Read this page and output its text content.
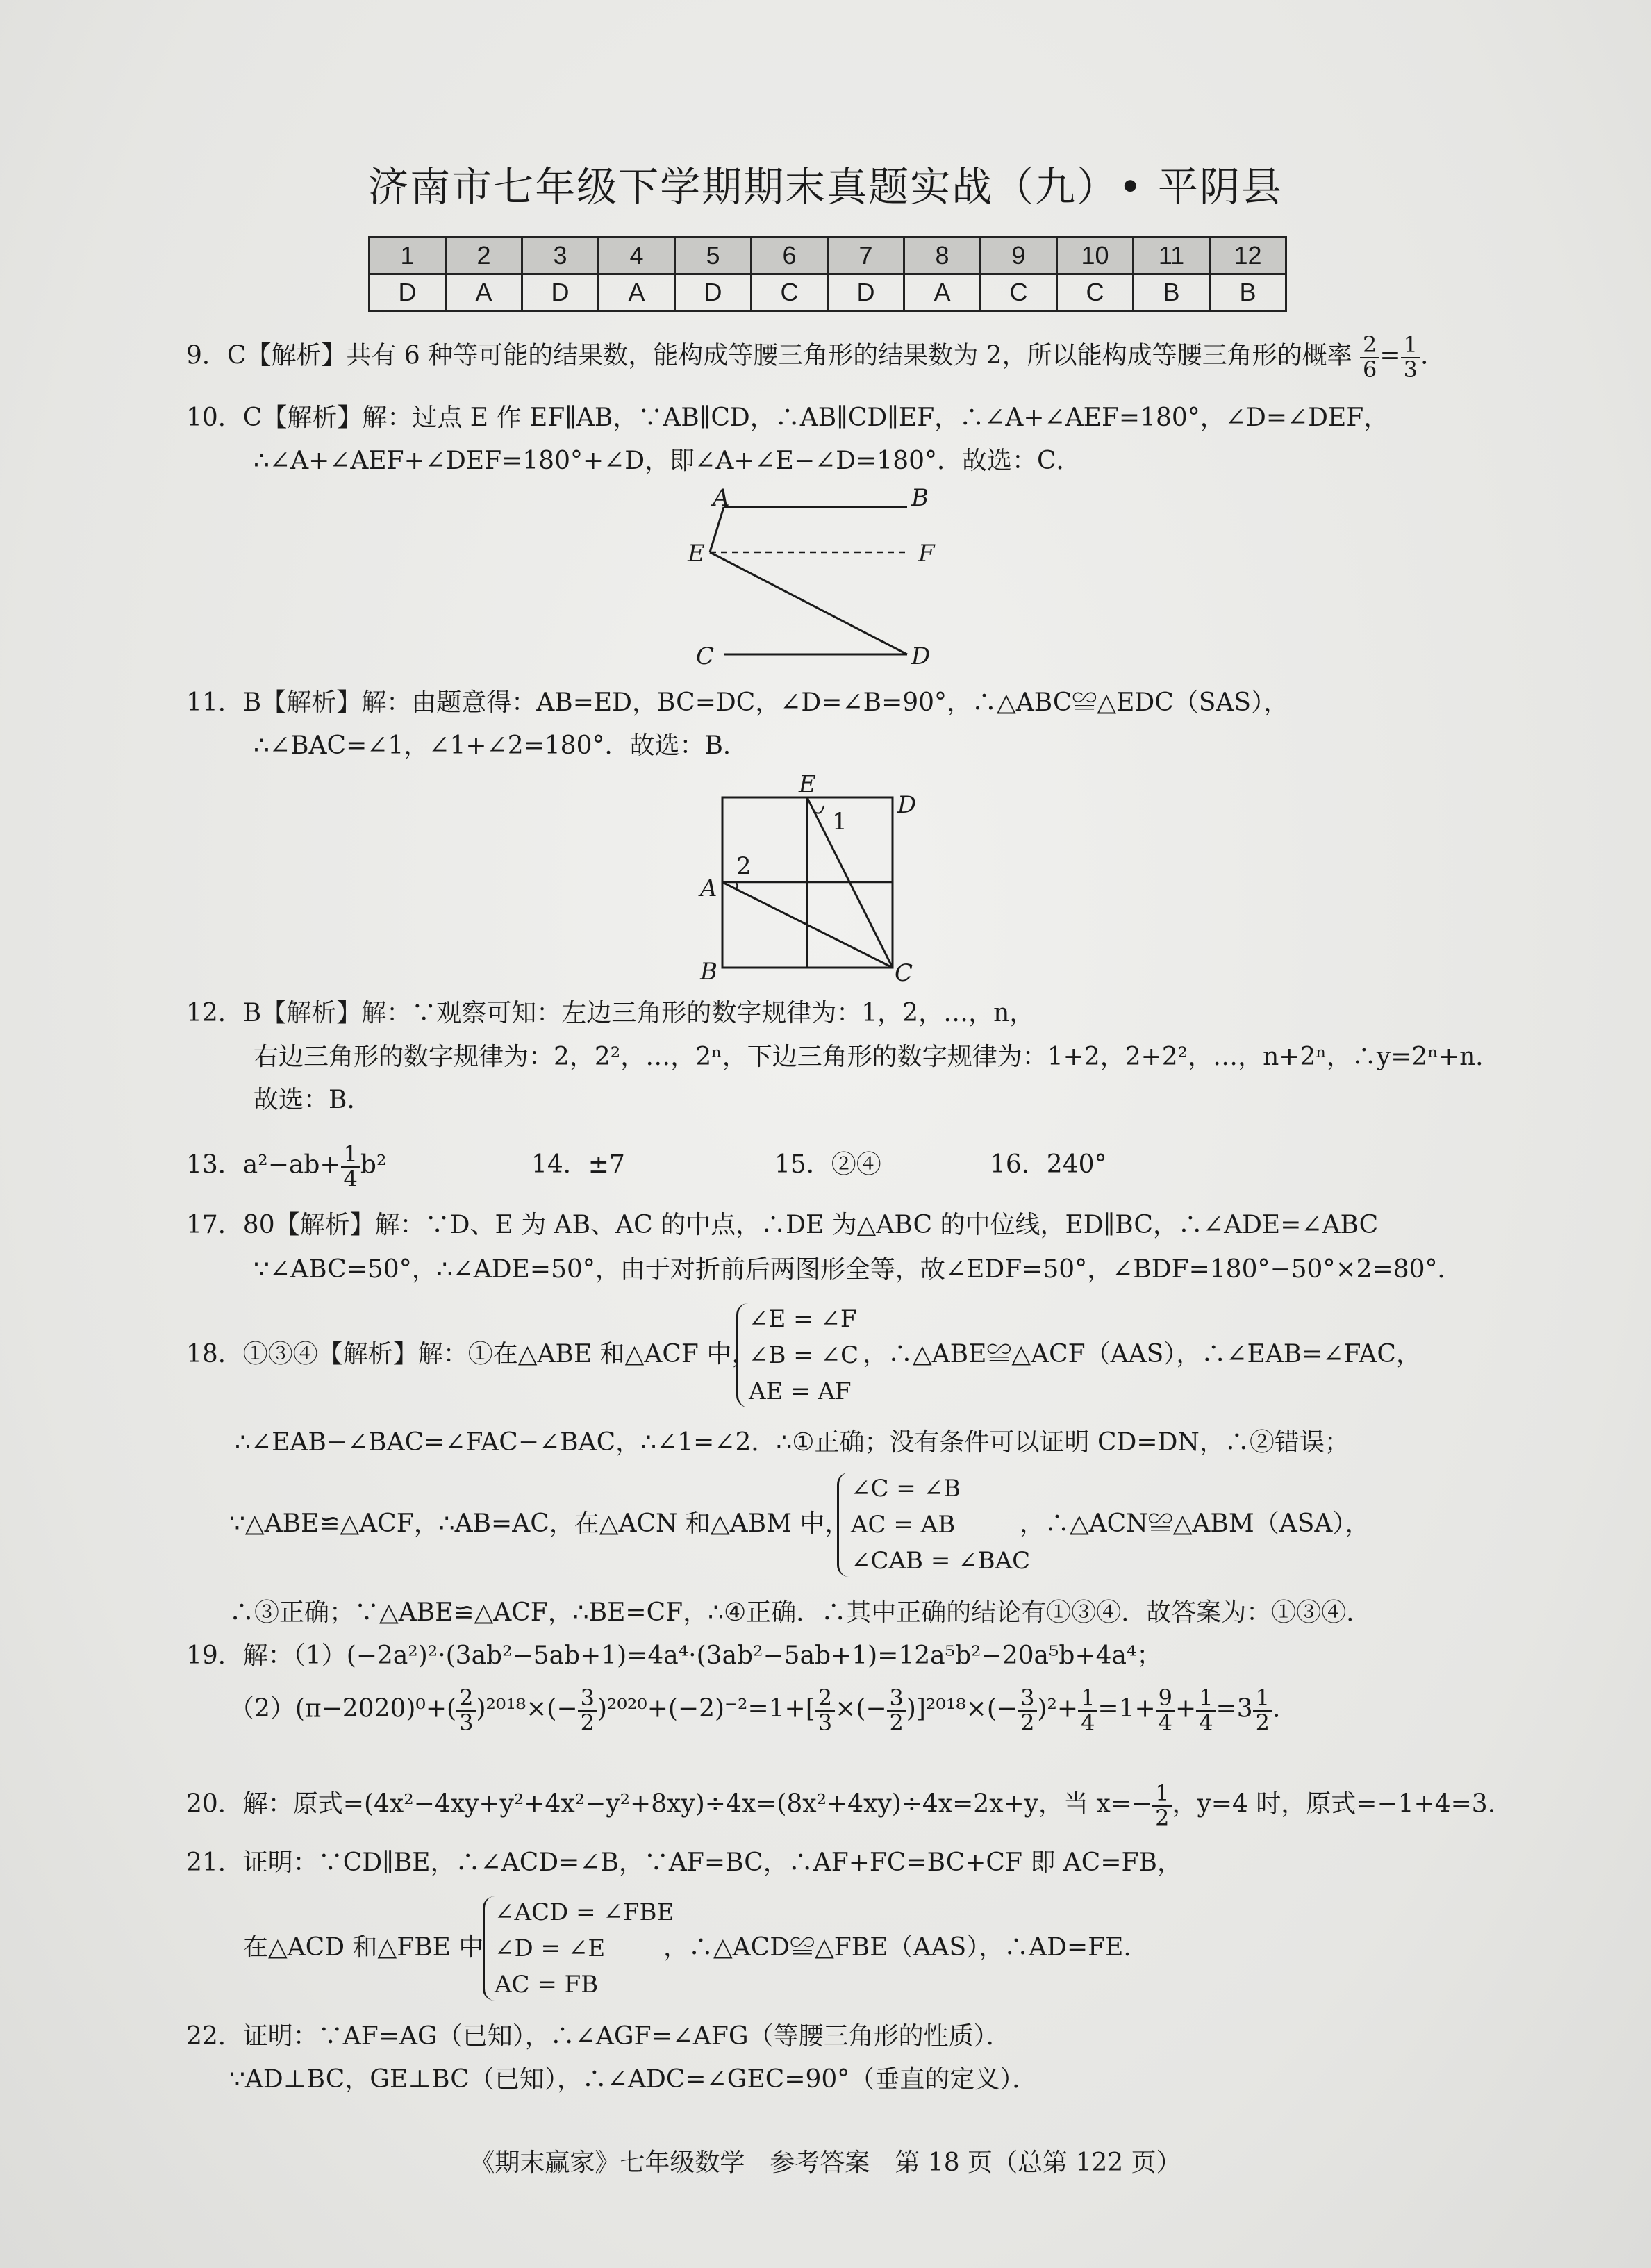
济南市七年级下学期期末真题实战（九）• 平阴县
1	2	3	4	5	6	7	8	9	10	11	12
D	A	D	A	D	C	D	A	C	C	B	B
9．C【解析】共有 6 种等可能的结果数，能构成等腰三角形的结果数为 2，所以能构成等腰三角形的概率 $\frac{2}{6} = \frac{1}{3}$ .
10．C【解析】解：过点 E 作 EF∥AB，∵AB∥CD，∴AB∥CD∥EF，∴∠A+∠AEF=180°，∠D=∠DEF，
∴∠A+∠AEF+∠DEF=180°+∠D，即∠A+∠E−∠D=180°．故选：C．
A	B
E	F
C	D
11．B【解析】解：由题意得：AB=ED，BC=DC，∠D=∠B=90°，∴△ABC≌△EDC（SAS），
∴∠BAC=∠1，∠1+∠2=180°．故选：B．
E
D
A
B	C
1
2
12．B【解析】解：∵观察可知：左边三角形的数字规律为：1，2，…，n，
右边三角形的数字规律为：2，2²，…，2ⁿ，下边三角形的数字规律为：1+2，2+2²，…，n+2ⁿ，∴y=2ⁿ+n．
故选：B．
13．$a^2-ab+ \frac{1}{4} b^2$	14．±7	15．②④	16．240°
17．80【解析】解：∵D、E 为 AB、AC 的中点，∴DE 为△ABC 的中位线，ED∥BC，∴∠ADE=∠ABC
∵∠ABC=50°，∴∠ADE=50°，由于对折前后两图形全等，故∠EDF=50°，∠BDF=180°−50°×2=80°．
18．①③④【解析】解：①在△ABE 和△ACF 中，
∠E = ∠F
∠B = ∠C
AE = AF
，∴△ABE≌△ACF（AAS），∴∠EAB=∠FAC，
∴∠EAB−∠BAC=∠FAC−∠BAC，∴∠1=∠2．∴①正确；没有条件可以证明 CD=DN，∴②错误；
∵△ABE≌△ACF，∴AB=AC，在△ACN 和△ABM 中，
∠C = ∠B
AC = AB
∠CAB = ∠BAC
，∴△ACN≌△ABM（ASA），
∴③正确；∵△ABE≌△ACF，∴BE=CF，∴④正确．∴其中正确的结论有①③④．故答案为：①③④．
19．解：（1）(−2a²)²·(3ab²−5ab+1)=4a⁴·(3ab²−5ab+1)=12a⁵b²−20a⁵b+4a⁴；
$(2)(\pi-2020)^0+( \frac{2}{3} )^{2018}\times(- \frac{3}{2} )^{2020}+(-2)^{-2}=1+[ \frac{2}{3}$ ×(− $\frac{3}{2} )]^{2018}\times(- \frac{3}{2} )^2+ \frac{1}{4} =1+ \frac{9}{4} + \frac{1}{4} =3 \frac{1}{2}$ .
20．解：原式=(4x²−4xy+y²+4x²−y²+8xy)÷4x=(8x²+4xy)÷4x=2x+y，当 $x=- \frac{1}{2}$ ，y=4 时，原式=−1+4=3.
21．证明：∵CD∥BE，∴∠ACD=∠B，∵AF=BC，∴AF+FC=BC+CF 即 AC=FB，
在△ACD 和△FBE 中
∠ACD = ∠FBE
∠D = ∠E
AC = FB
，∴△ACD≌△FBE（AAS），∴AD=FE.
22．证明：∵AF=AG（已知），∴∠AGF=∠AFG（等腰三角形的性质）．
∵AD⊥BC，GE⊥BC（已知），∴∠ADC=∠GEC=90°（垂直的定义）．
《期末赢家》七年级数学　参考答案　第 18 页（总第 122 页）
